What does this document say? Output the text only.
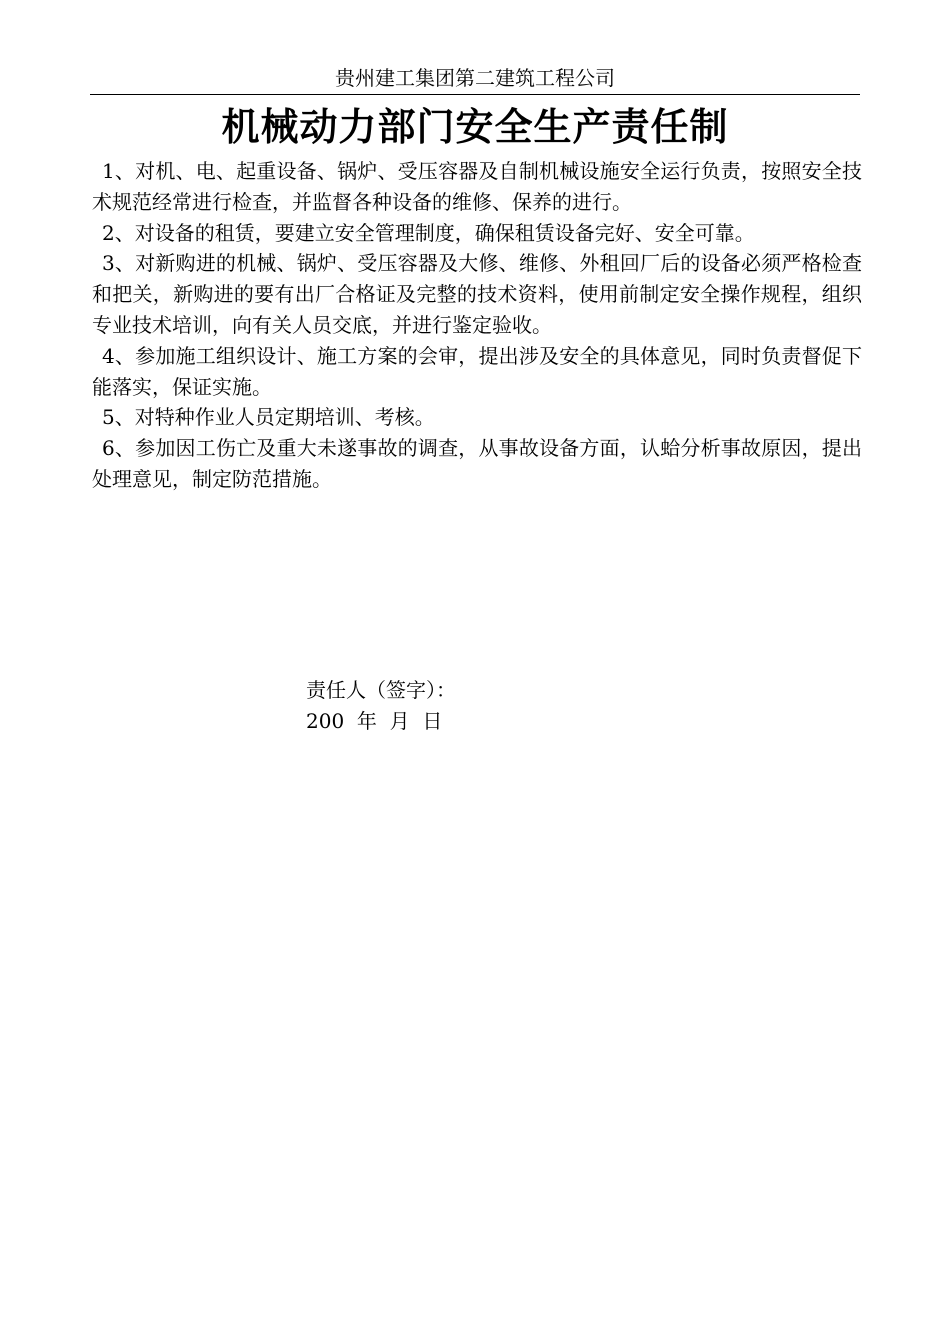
贵州建工集团第二建筑工程公司
机械动力部门安全生产责任制

1、对机、电、起重设备、锅炉、受压容器及自制机械设施安全运行负责，按照安全技术规范经常进行检查，并监督各种设备的维修、保养的进行。

2、对设备的租赁，要建立安全管理制度，确保租赁设备完好、安全可靠。

3、对新购进的机械、锅炉、受压容器及大修、维修、外租回厂后的设备必须严格检查和把关，新购进的要有出厂合格证及完整的技术资料，使用前制定安全操作规程，组织专业技术培训，向有关人员交底，并进行鉴定验收。

4、参加施工组织设计、施工方案的会审，提出涉及安全的具体意见，同时负责督促下能落实，保证实施。

5、对特种作业人员定期培训、考核。

6、参加因工伤亡及重大未遂事故的调查，从事故设备方面，认蛤分析事故原因，提出处理意见，制定防范措施。

责任人（签字）：
200  年  月  日
